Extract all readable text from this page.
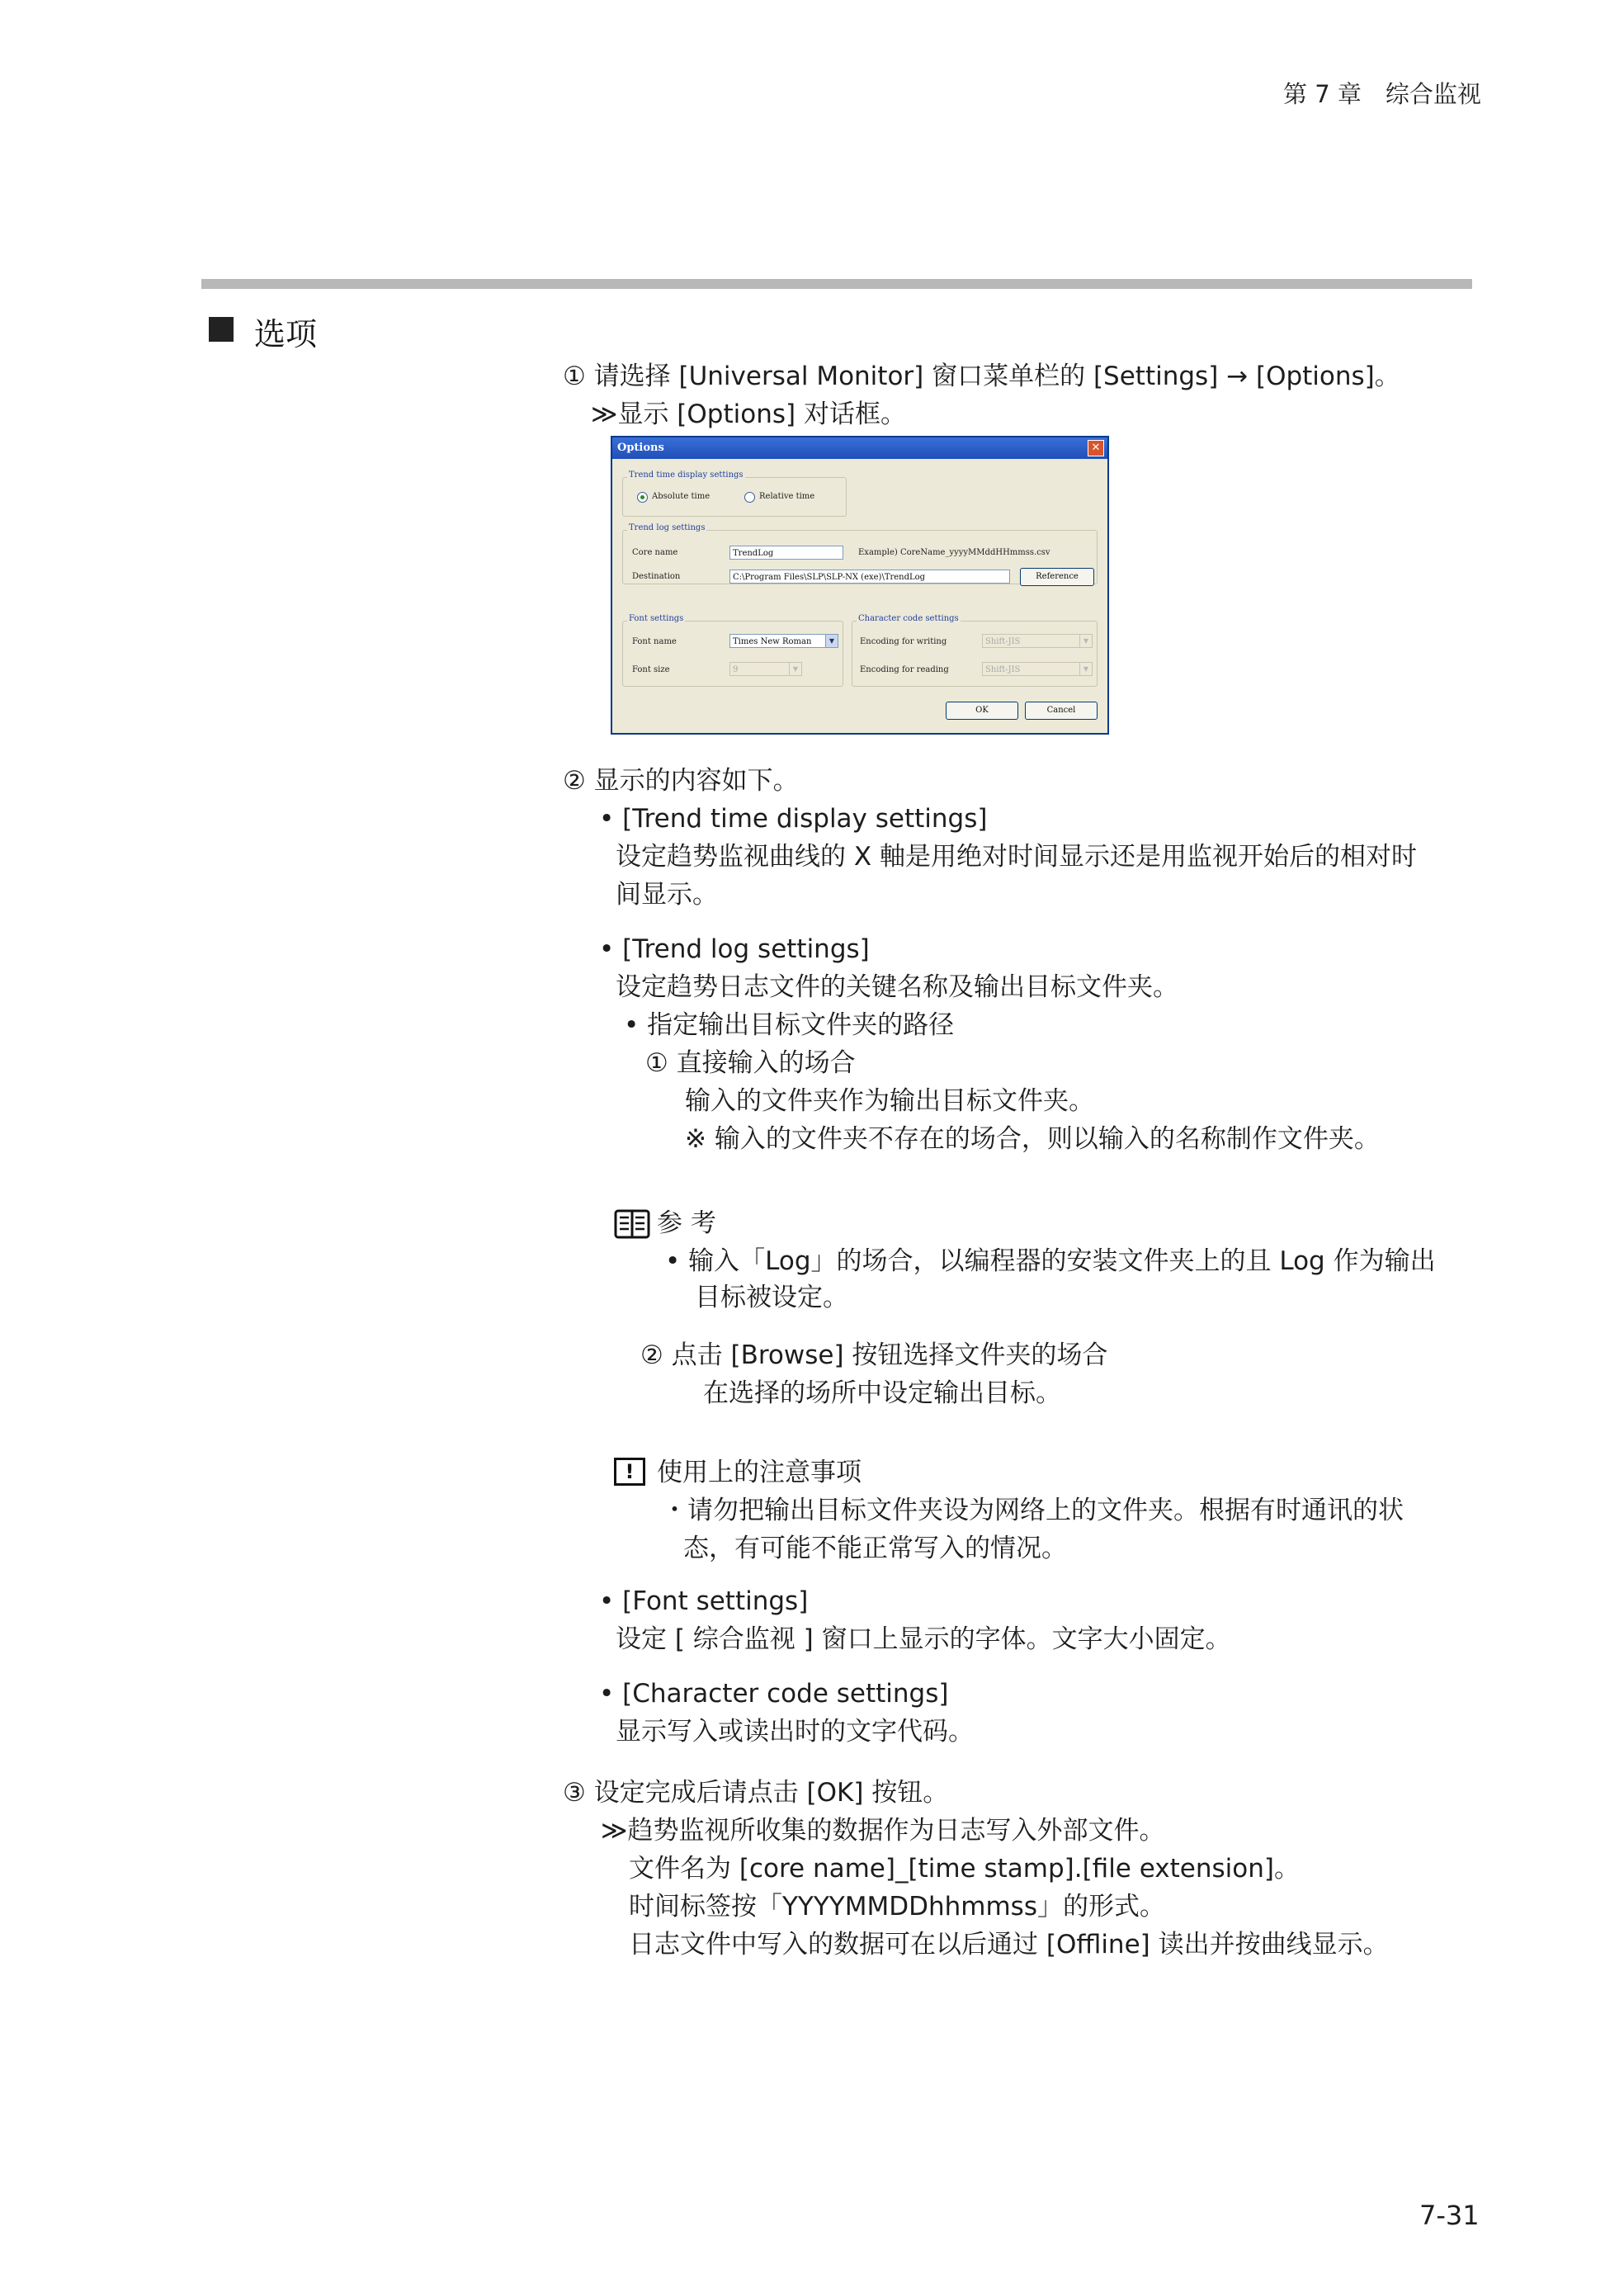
第 7 章　综合监视
选项
① 请选择 [Universal Monitor] 窗口菜单栏的 [Settings] → [Options]。
≫显示 [Options] 对话框。
Options	✕
Trend time display settings
Absolute time	Relative time
Trend log settings
Core name	TrendLog	Example) CoreName_yyyyMMddHHmmss.csv
Destination	C:\Program Files\SLP\SLP-NX (exe)\TrendLog	Reference
Font settings
Font name	Times New Roman	▼
Font size	9	▼
Character code settings
Encoding for writing	Shift-JIS	▼
Encoding for reading	Shift-JIS	▼
OK	Cancel
② 显示的内容如下。
• [Trend time display settings]
设定趋势监视曲线的 X 軸是用绝对时间显示还是用监视开始后的相对时
间显示。
• [Trend log settings]
设定趋势日志文件的关键名称及输出目标文件夹。
• 指定输出目标文件夹的路径
① 直接输入的场合
输入的文件夹作为输出目标文件夹。
※ 输入的文件夹不存在的场合，则以输入的名称制作文件夹。
参 考
• 输入「Log」的场合，以编程器的安装文件夹上的且 Log 作为输出
目标被设定。
② 点击 [Browse] 按钮选择文件夹的场合
在选择的场所中设定输出目标。
! 使用上的注意事项
・请勿把输出目标文件夹设为网络上的文件夹。根据有时通讯的状
态，有可能不能正常写入的情况。
• [Font settings]
设定 [ 综合监视 ] 窗口上显示的字体。文字大小固定。
• [Character code settings]
显示写入或读出时的文字代码。
③ 设定完成后请点击 [OK] 按钮。
≫趋势监视所收集的数据作为日志写入外部文件。
文件名为 [core name]_[time stamp].[file extension]。
时间标签按「YYYYMMDDhhmmss」的形式。
日志文件中写入的数据可在以后通过 [Offline] 读出并按曲线显示。
7-31
